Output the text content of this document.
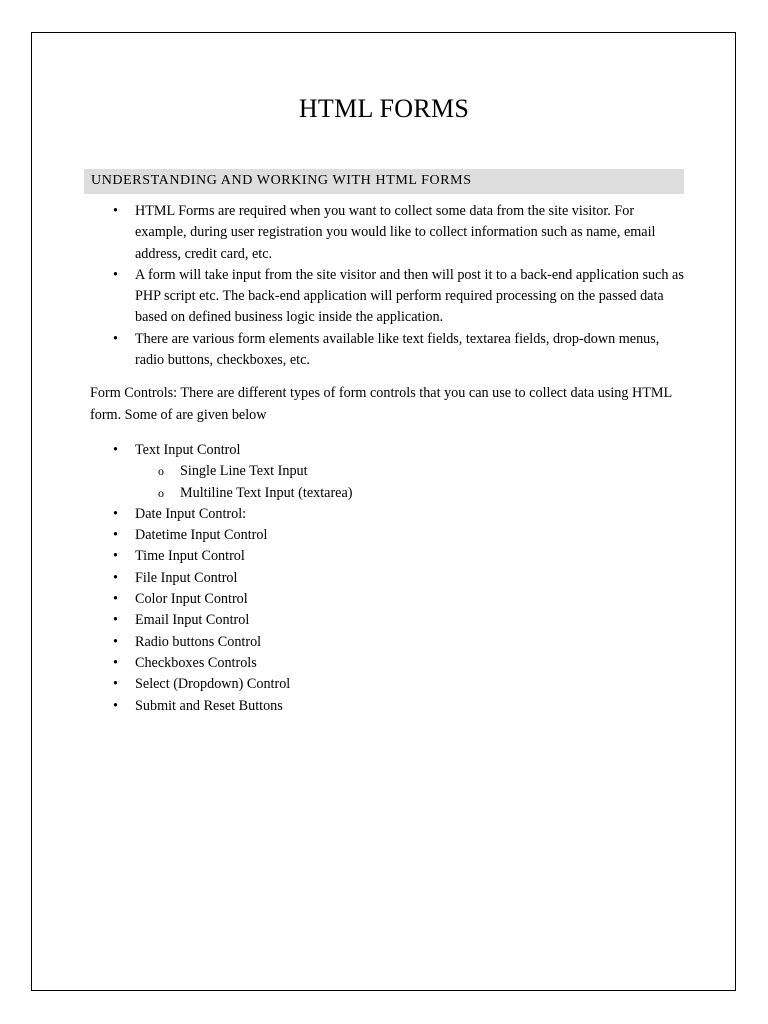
HTML FORMS
UNDERSTANDING AND WORKING WITH HTML FORMS
• HTML Forms are required when you want to collect some data from the site visitor. For example, during user registration you would like to collect information such as name, email address, credit card, etc.
• A form will take input from the site visitor and then will post it to a back-end application such as PHP script etc. The back-end application will perform required processing on the passed data based on defined business logic inside the application.
• There are various form elements available like text fields, textarea fields, drop-down menus, radio buttons, checkboxes, etc.

Form Controls: There are different types of form controls that you can use to collect data using HTML form. Some of are given below

• Text Input Control
o Single Line Text Input
o Multiline Text Input (textarea)
• Date Input Control:
• Datetime Input Control
• Time Input Control
• File Input Control
• Color Input Control
• Email Input Control
• Radio buttons Control
• Checkboxes Controls
• Select (Dropdown) Control
• Submit and Reset Buttons
